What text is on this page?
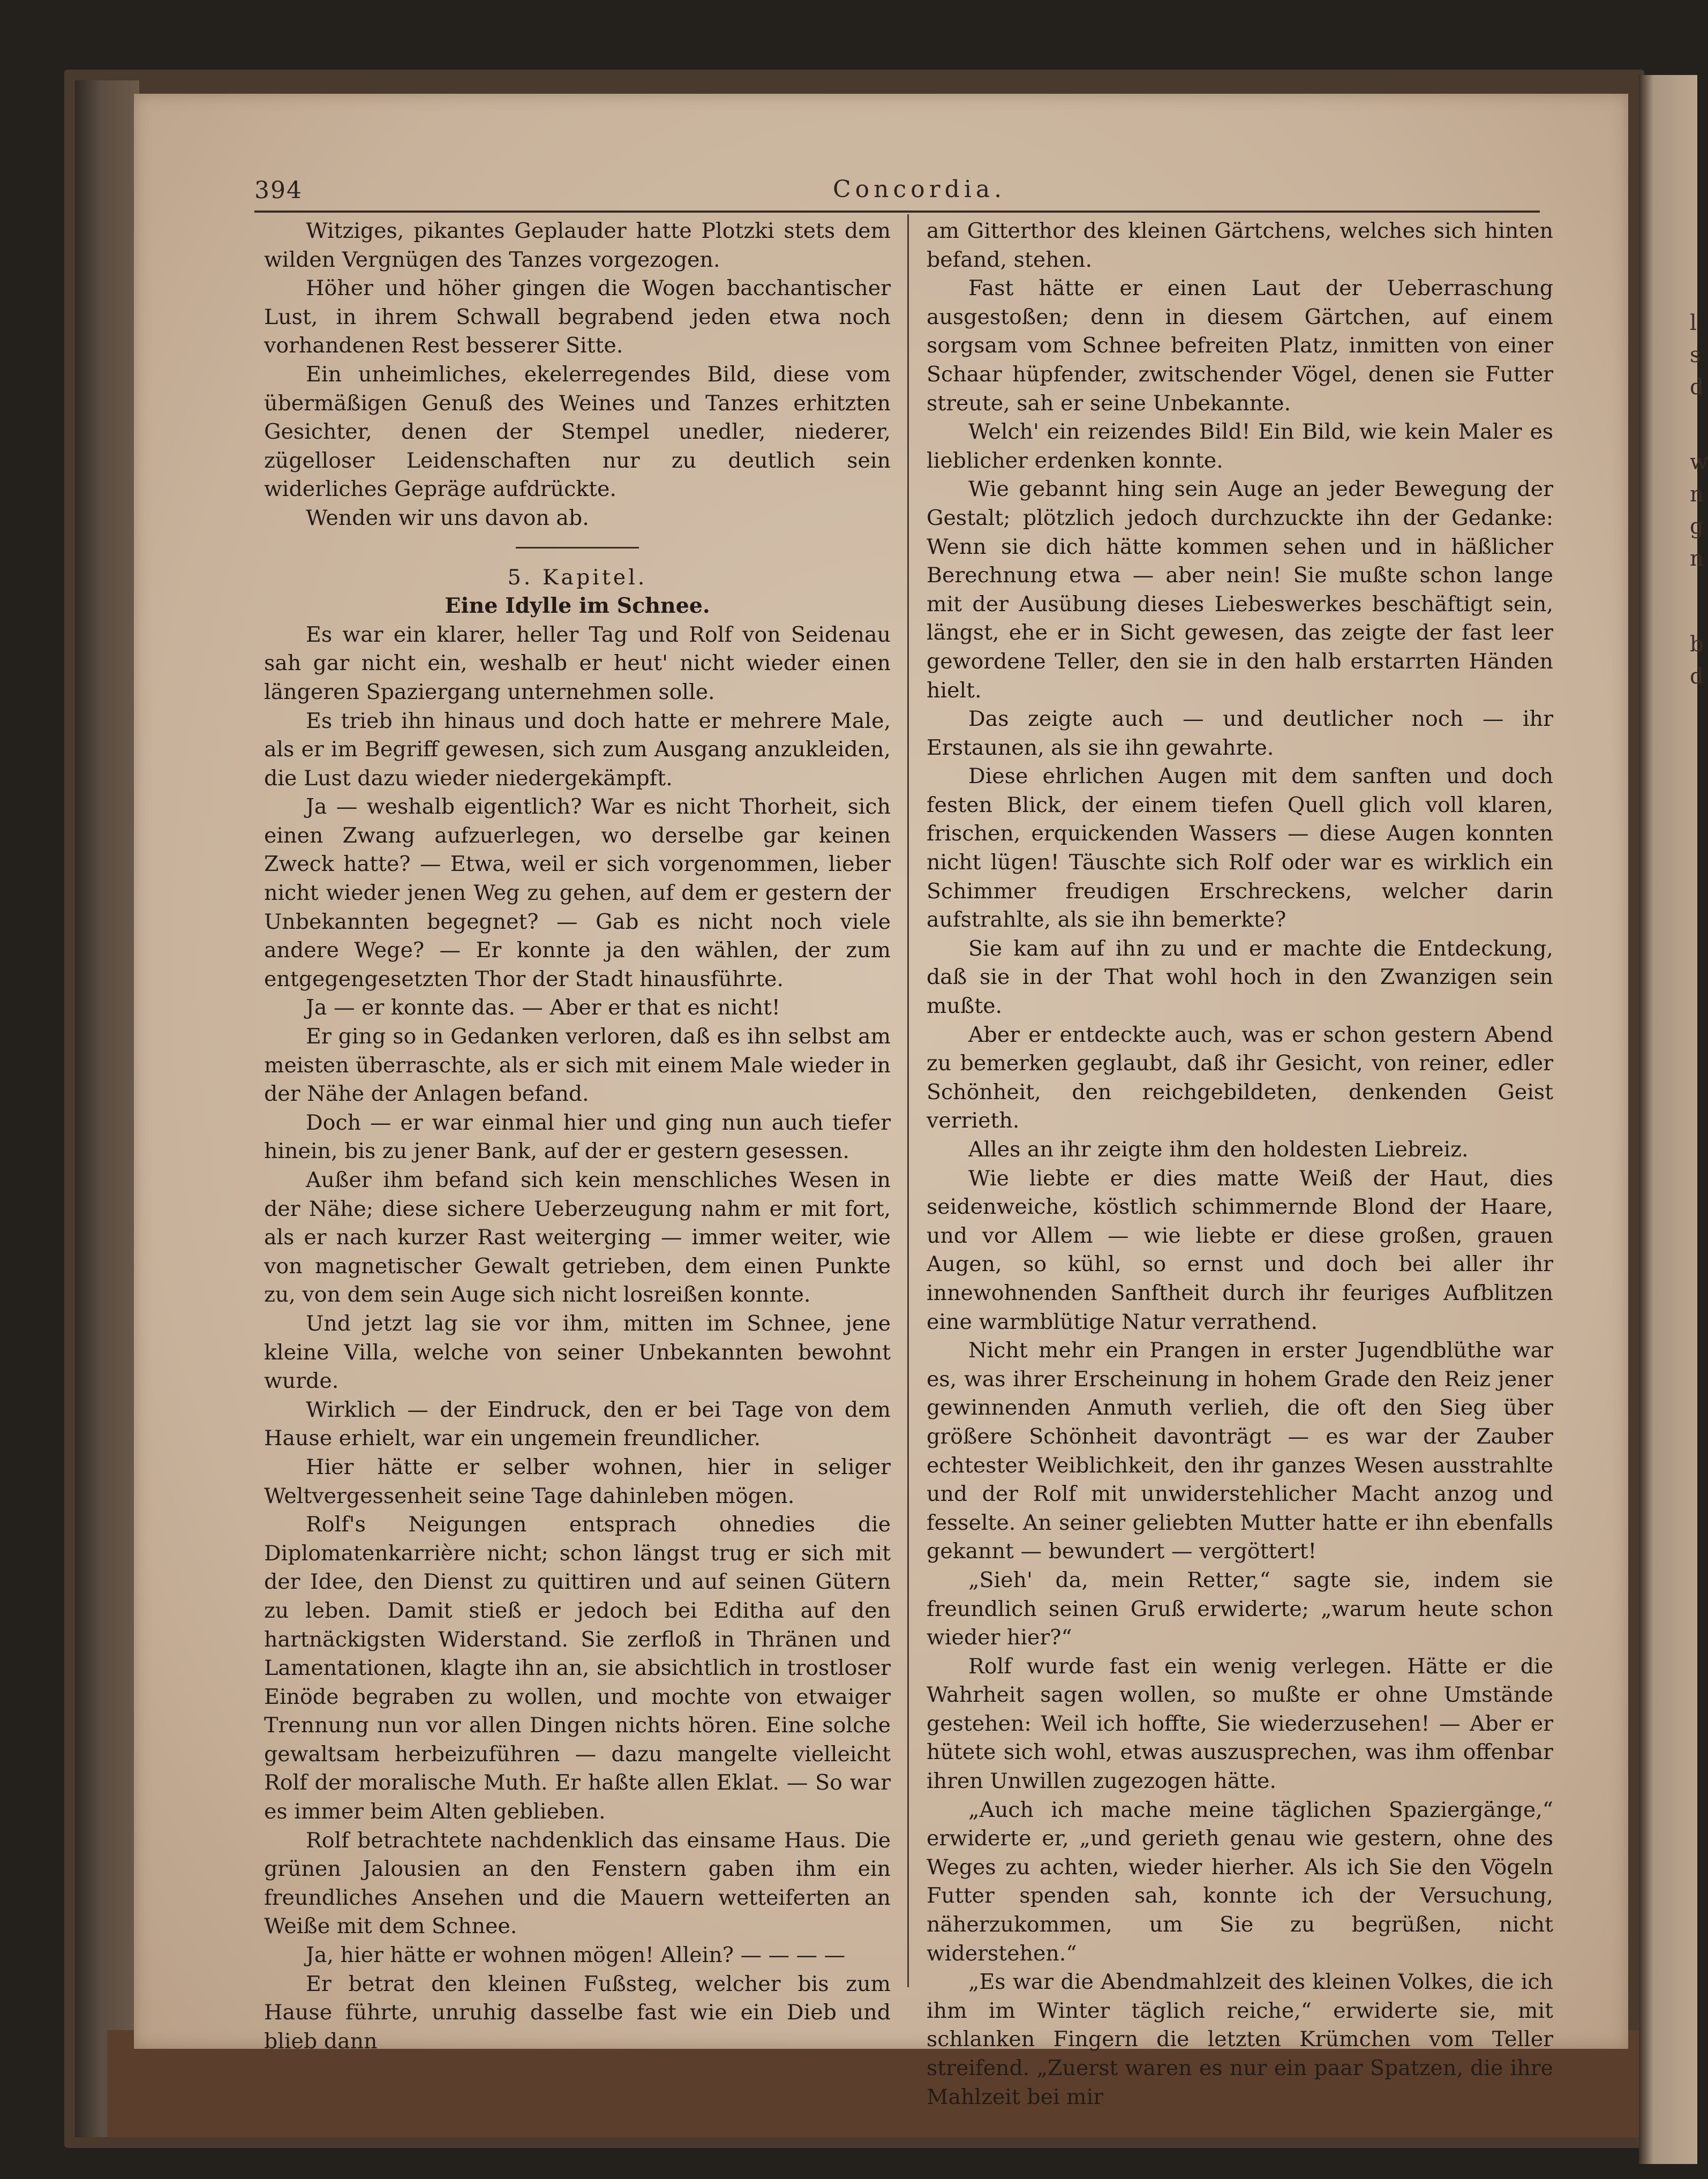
l
s
d
w
n
g
n
b
d
394	Concordia.

Witziges, pikantes Geplauder hatte Plotzki stets dem wilden Vergnügen des Tanzes vorgezogen.

Höher und höher gingen die Wogen bacchantischer Lust, in ihrem Schwall begrabend jeden etwa noch vorhandenen Rest besserer Sitte.

Ein unheimliches, ekelerregendes Bild, diese vom übermäßigen Genuß des Weines und Tanzes erhitzten Gesichter, denen der Stempel unedler, niederer, zügelloser Leidenschaften nur zu deutlich sein widerliches Gepräge aufdrückte.

Wenden wir uns davon ab.

5. Kapitel.

Eine Idylle im Schnee.

Es war ein klarer, heller Tag und Rolf von Seidenau sah gar nicht ein, weshalb er heut' nicht wieder einen längeren Spaziergang unternehmen solle.

Es trieb ihn hinaus und doch hatte er mehrere Male, als er im Begriff gewesen, sich zum Ausgang anzukleiden, die Lust dazu wieder niedergekämpft.

Ja — weshalb eigentlich? War es nicht Thorheit, sich einen Zwang aufzuerlegen, wo derselbe gar keinen Zweck hatte? — Etwa, weil er sich vorgenommen, lieber nicht wieder jenen Weg zu gehen, auf dem er gestern der Unbekannten begegnet? — Gab es nicht noch viele andere Wege? — Er konnte ja den wählen, der zum entgegengesetzten Thor der Stadt hinausführte.

Ja — er konnte das. — Aber er that es nicht!

Er ging so in Gedanken verloren, daß es ihn selbst am meisten überraschte, als er sich mit einem Male wieder in der Nähe der Anlagen befand.

Doch — er war einmal hier und ging nun auch tiefer hinein, bis zu jener Bank, auf der er gestern gesessen.

Außer ihm befand sich kein menschliches Wesen in der Nähe; diese sichere Ueberzeugung nahm er mit fort, als er nach kurzer Rast weiterging — immer weiter, wie von magnetischer Gewalt getrieben, dem einen Punkte zu, von dem sein Auge sich nicht losreißen konnte.

Und jetzt lag sie vor ihm, mitten im Schnee, jene kleine Villa, welche von seiner Unbekannten bewohnt wurde.

Wirklich — der Eindruck, den er bei Tage von dem Hause erhielt, war ein ungemein freundlicher.

Hier hätte er selber wohnen, hier in seliger Weltvergessenheit seine Tage dahinleben mögen.

Rolf's Neigungen entsprach ohnedies die Diplomatenkarrière nicht; schon längst trug er sich mit der Idee, den Dienst zu quittiren und auf seinen Gütern zu leben. Damit stieß er jedoch bei Editha auf den hartnäckigsten Widerstand. Sie zerfloß in Thränen und Lamentationen, klagte ihn an, sie absichtlich in trostloser Einöde begraben zu wollen, und mochte von etwaiger Trennung nun vor allen Dingen nichts hören. Eine solche gewaltsam herbeizuführen — dazu mangelte vielleicht Rolf der moralische Muth. Er haßte allen Eklat. — So war es immer beim Alten geblieben.

Rolf betrachtete nachdenklich das einsame Haus. Die grünen Jalousien an den Fenstern gaben ihm ein freundliches Ansehen und die Mauern wetteiferten an Weiße mit dem Schnee.

Ja, hier hätte er wohnen mögen! Allein? — — — —

Er betrat den kleinen Fußsteg, welcher bis zum Hause führte, unruhig dasselbe fast wie ein Dieb und blieb dann

am Gitterthor des kleinen Gärtchens, welches sich hinten befand, stehen.

Fast hätte er einen Laut der Ueberraschung ausgestoßen; denn in diesem Gärtchen, auf einem sorgsam vom Schnee befreiten Platz, inmitten von einer Schaar hüpfender, zwitschender Vögel, denen sie Futter streute, sah er seine Unbekannte.

Welch' ein reizendes Bild! Ein Bild, wie kein Maler es lieblicher erdenken konnte.

Wie gebannt hing sein Auge an jeder Bewegung der Gestalt; plötzlich jedoch durchzuckte ihn der Gedanke: Wenn sie dich hätte kommen sehen und in häßlicher Berechnung etwa — aber nein! Sie mußte schon lange mit der Ausübung dieses Liebeswerkes beschäftigt sein, längst, ehe er in Sicht gewesen, das zeigte der fast leer gewordene Teller, den sie in den halb erstarrten Händen hielt.

Das zeigte auch — und deutlicher noch — ihr Erstaunen, als sie ihn gewahrte.

Diese ehrlichen Augen mit dem sanften und doch festen Blick, der einem tiefen Quell glich voll klaren, frischen, erquickenden Wassers — diese Augen konnten nicht lügen! Täuschte sich Rolf oder war es wirklich ein Schimmer freudigen Erschreckens, welcher darin aufstrahlte, als sie ihn bemerkte?

Sie kam auf ihn zu und er machte die Entdeckung, daß sie in der That wohl hoch in den Zwanzigen sein mußte.

Aber er entdeckte auch, was er schon gestern Abend zu bemerken geglaubt, daß ihr Gesicht, von reiner, edler Schönheit, den reichgebildeten, denkenden Geist verrieth.

Alles an ihr zeigte ihm den holdesten Liebreiz.

Wie liebte er dies matte Weiß der Haut, dies seidenweiche, köstlich schimmernde Blond der Haare, und vor Allem — wie liebte er diese großen, grauen Augen, so kühl, so ernst und doch bei aller ihr innewohnenden Sanftheit durch ihr feuriges Aufblitzen eine warmblütige Natur verrathend.

Nicht mehr ein Prangen in erster Jugendblüthe war es, was ihrer Erscheinung in hohem Grade den Reiz jener gewinnenden Anmuth verlieh, die oft den Sieg über größere Schönheit davonträgt — es war der Zauber echtester Weiblichkeit, den ihr ganzes Wesen ausstrahlte und der Rolf mit unwiderstehlicher Macht anzog und fesselte. An seiner geliebten Mutter hatte er ihn ebenfalls gekannt — bewundert — vergöttert!

„Sieh' da, mein Retter,“ sagte sie, indem sie freundlich seinen Gruß erwiderte; „warum heute schon wieder hier?“

Rolf wurde fast ein wenig verlegen. Hätte er die Wahrheit sagen wollen, so mußte er ohne Umstände gestehen: Weil ich hoffte, Sie wiederzusehen! — Aber er hütete sich wohl, etwas auszusprechen, was ihm offenbar ihren Unwillen zugezogen hätte.

„Auch ich mache meine täglichen Spaziergänge,“ erwiderte er, „und gerieth genau wie gestern, ohne des Weges zu achten, wieder hierher. Als ich Sie den Vögeln Futter spenden sah, konnte ich der Versuchung, näherzukommen, um Sie zu begrüßen, nicht widerstehen.“

„Es war die Abendmahlzeit des kleinen Volkes, die ich ihm im Winter täglich reiche,“ erwiderte sie, mit schlanken Fingern die letzten Krümchen vom Teller streifend. „Zuerst waren es nur ein paar Spatzen, die ihre Mahlzeit bei mir
